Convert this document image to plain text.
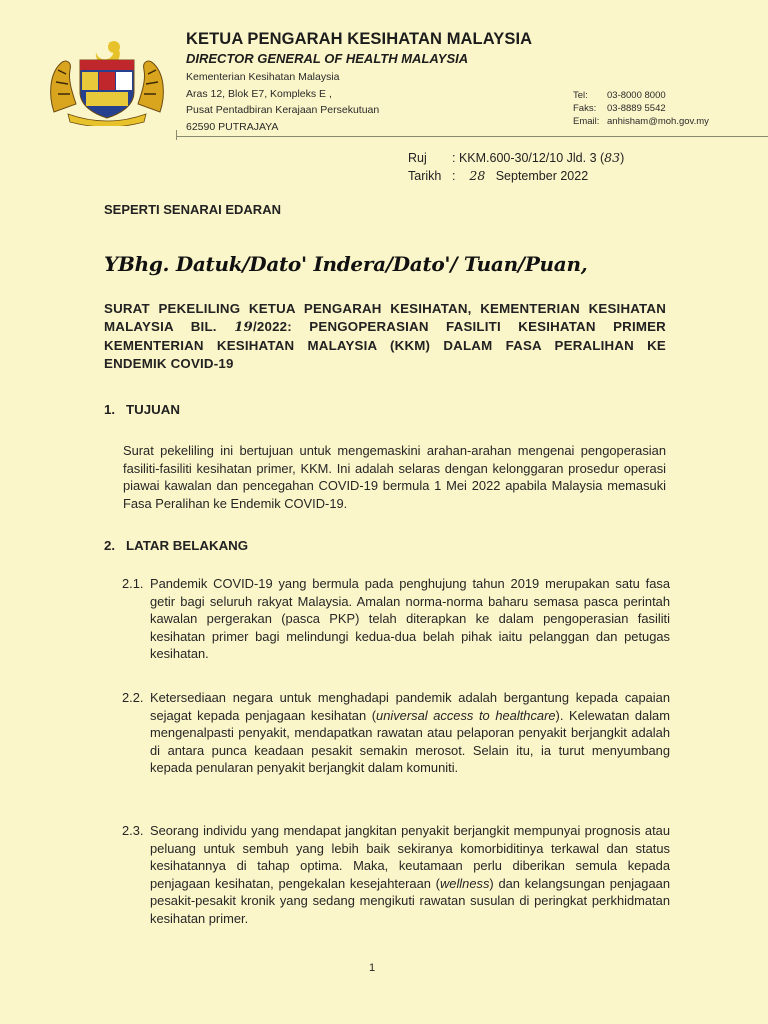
KETUA PENGARAH KESIHATAN MALAYSIA
DIRECTOR GENERAL OF HEALTH MALAYSIA
Kementerian Kesihatan Malaysia
Aras 12, Blok E7, Kompleks E ,
Pusat Pentadbiran Kerajaan Persekutuan
62590 PUTRAJAYA
Tel: 03-8000 8000
Faks: 03-8889 5542
Email: anhisham@moh.gov.my
Ruj : KKM.600-30/12/10 Jld. 3 (83)
Tarikh : 28 September 2022
SEPERTI SENARAI EDARAN
YBhg. Datuk/Dato' Indera/Dato'/ Tuan/Puan,
SURAT PEKELILING KETUA PENGARAH KESIHATAN, KEMENTERIAN KESIHATAN MALAYSIA BIL. 19/2022: PENGOPERASIAN FASILITI KESIHATAN PRIMER KEMENTERIAN KESIHATAN MALAYSIA (KKM) DALAM FASA PERALIHAN KE ENDEMIK COVID-19
1. TUJUAN
Surat pekeliling ini bertujuan untuk mengemaskini arahan-arahan mengenai pengoperasian fasiliti-fasiliti kesihatan primer, KKM. Ini adalah selaras dengan kelonggaran prosedur operasi piawai kawalan dan pencegahan COVID-19 bermula 1 Mei 2022 apabila Malaysia memasuki Fasa Peralihan ke Endemik COVID-19.
2. LATAR BELAKANG
2.1. Pandemik COVID-19 yang bermula pada penghujung tahun 2019 merupakan satu fasa getir bagi seluruh rakyat Malaysia. Amalan norma-norma baharu semasa pasca perintah kawalan pergerakan (pasca PKP) telah diterapkan ke dalam pengoperasian fasiliti kesihatan primer bagi melindungi kedua-dua belah pihak iaitu pelanggan dan petugas kesihatan.
2.2. Ketersediaan negara untuk menghadapi pandemik adalah bergantung kepada capaian sejagat kepada penjagaan kesihatan (universal access to healthcare). Kelewatan dalam mengenalpasti penyakit, mendapatkan rawatan atau pelaporan penyakit berjangkit adalah di antara punca keadaan pesakit semakin merosot. Selain itu, ia turut menyumbang kepada penularan penyakit berjangkit dalam komuniti.
2.3. Seorang individu yang mendapat jangkitan penyakit berjangkit mempunyai prognosis atau peluang untuk sembuh yang lebih baik sekiranya komorbiditinya terkawal dan status kesihatannya di tahap optima. Maka, keutamaan perlu diberikan semula kepada penjagaan kesihatan, pengekalan kesejahteraan (wellness) dan kelangsungan penjagaan pesakit-pesakit kronik yang sedang mengikuti rawatan susulan di peringkat perkhidmatan kesihatan primer.
1
